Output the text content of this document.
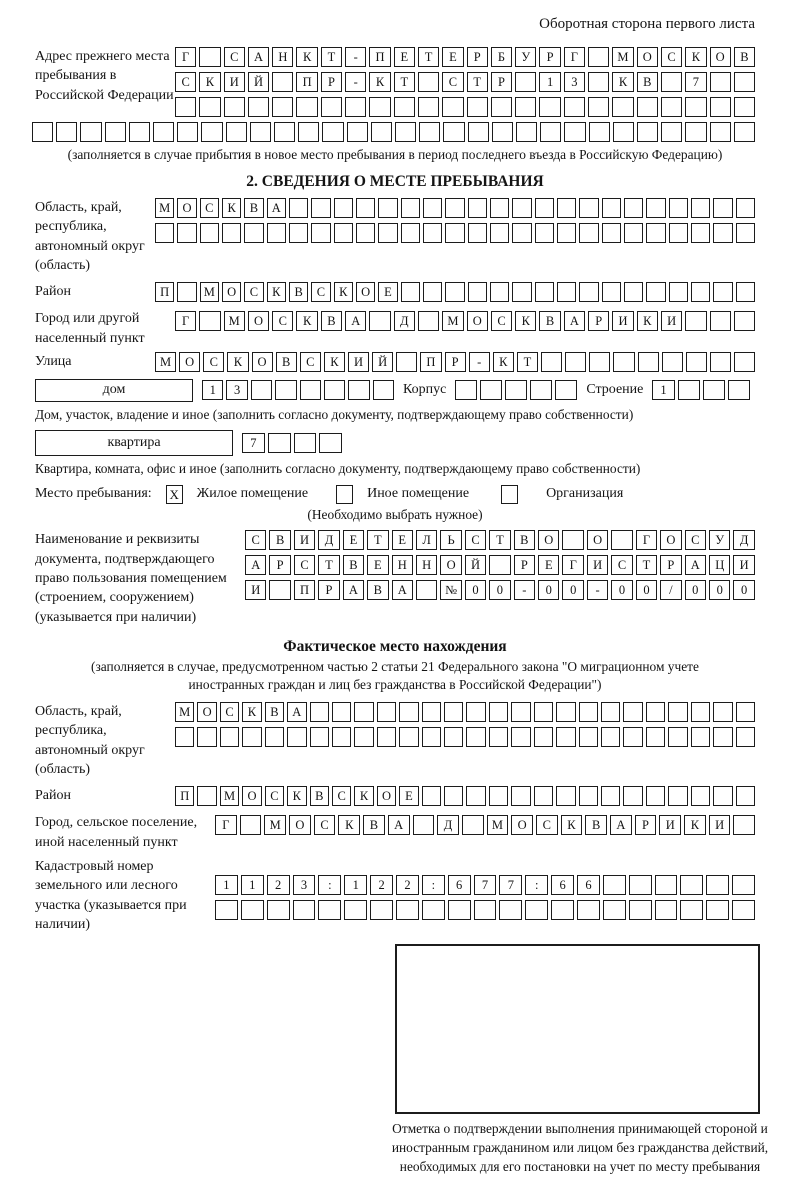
Оборотная сторона первого листа
Адрес прежнего места пребывания в Российской Федерации
Г	С	А	Н	К	Т	-	П	Е	Т	Е	Р	Б	У	Р	Г	М	О	С	К	О	В
С	К	И	Й	П	Р	-	К	Т	С	Т	Р	1	3	К	В	7
(заполняется в случае прибытия в новое место пребывания в период последнего въезда в Российскую Федерацию)
2. СВЕДЕНИЯ О МЕСТЕ ПРЕБЫВАНИЯ
Область, край, республика, автономный округ (область)
М О	С	К	В	А
Район	П	М О	С	К	В	С	К	О	Е
Город или другой населенный пункт
Г	М	О	С	К	В	А	Д	М	О	С	К	В	А	Р	И	К	И
Улица	М	О	С	К	О	В	С	К	И	Й	П	Р	-	К	Т
дом	1	3	Корпус	Строение	1
Дом, участок, владение и иное (заполнить согласно документу, подтверждающему право собственности)
квартира	7
Квартира, комната, офис и иное (заполнить согласно документу, подтверждающему право собственности)
Место пребывания: X Жилое помещение	Иное помещение	Организация
(Необходимо выбрать нужное)
Наименование и реквизиты документа, подтверждающего право пользования помещением (строением, сооружением) (указывается при наличии)
С	В	И	Д	Е	Т	Е	Л	Ь	С	Т	В	О	О	Г	О	С	У	Д
А	Р	С	Т	В	Е	Н	Н	О	Й	Р	Е	Г	И	С	Т	Р	А	Ц	И
И	П	Р	А	В	А	№	0	0	-	0	0	-	0	0	/	0	0	0
Фактическое место нахождения
(заполняется в случае, предусмотренном частью 2 статьи 21 Федерального закона "О миграционном учете иностранных граждан и лиц без гражданства в Российской Федерации")
Область, край, республика, автономный округ (область)
М О	С	К	В	А
Район	П	М О	С	К	В	С	К	О	Е
Город, сельское поселение, иной населенный пункт
Г	М	О	С	К	В	А	Д	М	О	С	К	В	А	Р	И	К	И
Кадастровый номер земельного или лесного участка (указывается при наличии)
1	1	2	3	:	1	2	2	:	6	7	7	:	6	6
Отметка о подтверждении выполнения принимающей стороной и иностранным гражданином или лицом без гражданства действий, необходимых для его постановки на учет по месту пребывания
